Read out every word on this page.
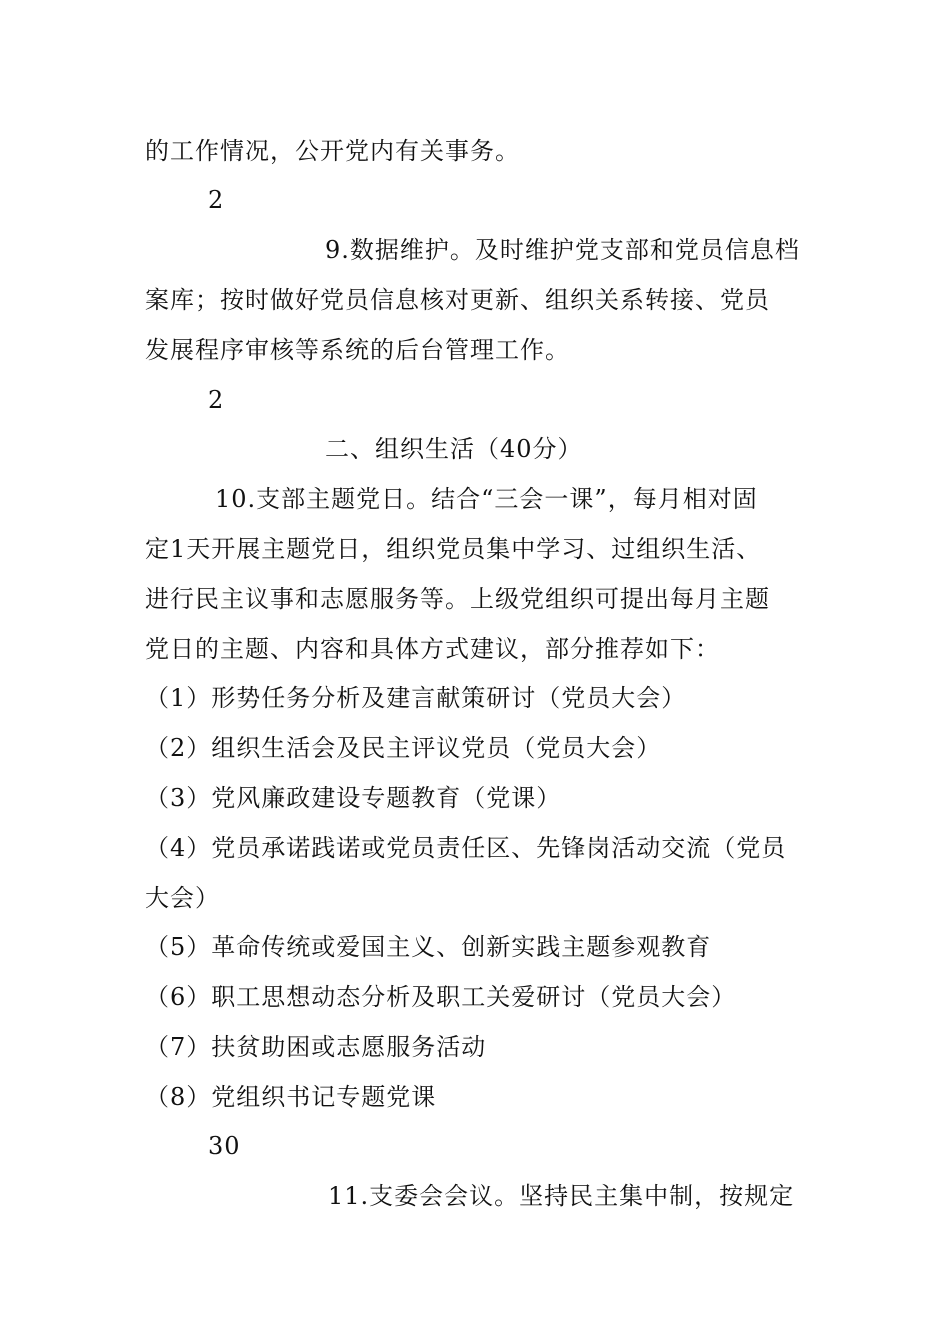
的工作情况，公开党内有关事务。
2
9.数据维护。及时维护党支部和党员信息档
案库；按时做好党员信息核对更新、组织关系转接、党员
发展程序审核等系统的后台管理工作。
2
二、组织生活（40分）
10.支部主题党日。结合“三会一课”，每月相对固
定1天开展主题党日，组织党员集中学习、过组织生活、
进行民主议事和志愿服务等。上级党组织可提出每月主题
党日的主题、内容和具体方式建议，部分推荐如下：
（1）形势任务分析及建言献策研讨（党员大会）
（2）组织生活会及民主评议党员（党员大会）
（3）党风廉政建设专题教育（党课）
（4）党员承诺践诺或党员责任区、先锋岗活动交流（党员
大会）
（5）革命传统或爱国主义、创新实践主题参观教育
（6）职工思想动态分析及职工关爱研讨（党员大会）
（7）扶贫助困或志愿服务活动
（8）党组织书记专题党课
30
11.支委会会议。坚持民主集中制，按规定
